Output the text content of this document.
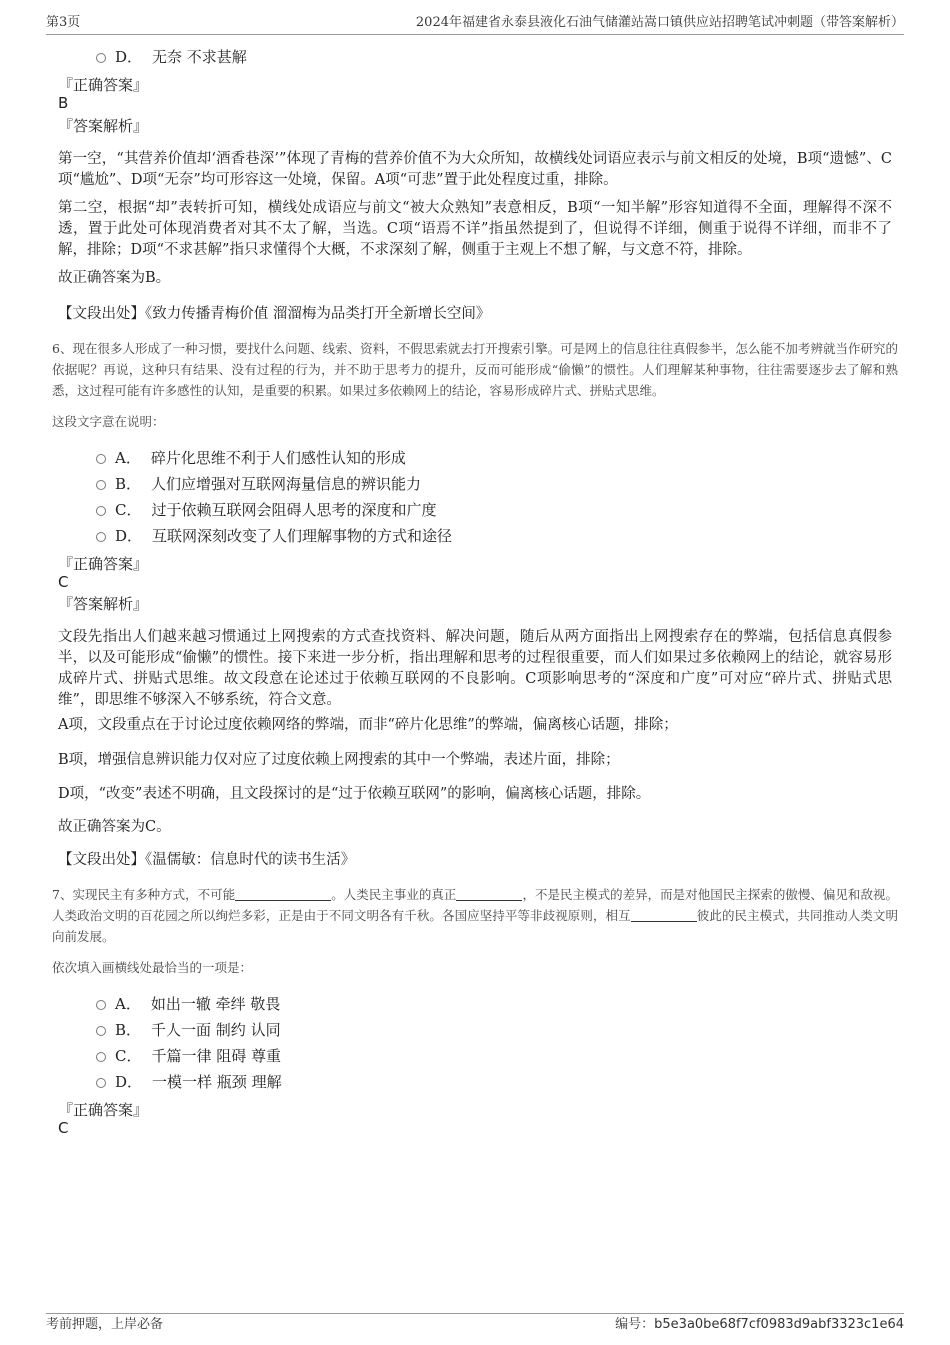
第3页	2024年福建省永泰县液化石油气储灌站嵩口镇供应站招聘笔试冲刺题（带答案解析）
D． 无奈 不求甚解
『正确答案』
B
『答案解析』
第一空，“其营养价值却‘酒香巷深’”体现了青梅的营养价值不为大众所知，故横线处词语应表示与前文相反的处境，B项“遗憾”、C项“尴尬”、D项“无奈”均可形容这一处境，保留。A项“可悲”置于此处程度过重，排除。
第二空，根据“却”表转折可知，横线处成语应与前文“被大众熟知”表意相反，B项“一知半解”形容知道得不全面，理解得不深不透，置于此处可体现消费者对其不太了解，当选。C项“语焉不详”指虽然提到了，但说得不详细，侧重于说得不详细，而非不了解，排除；D项“不求甚解”指只求懂得个大概，不求深刻了解，侧重于主观上不想了解，与文意不符，排除。
故正确答案为B。
【文段出处】《致力传播青梅价值 溜溜梅为品类打开全新增长空间》
6、现在很多人形成了一种习惯，要找什么问题、线索、资料，不假思索就去打开搜索引擎。可是网上的信息往往真假参半，怎么能不加考辨就当作研究的依据呢？再说，这种只有结果、没有过程的行为，并不助于思考力的提升，反而可能形成“偷懒”的惯性。人们理解某种事物，往往需要逐步去了解和熟悉，这过程可能有许多感性的认知，是重要的积累。如果过多依赖网上的结论，容易形成碎片式、拼贴式思维。
这段文字意在说明：
A． 碎片化思维不利于人们感性认知的形成
B． 人们应增强对互联网海量信息的辨识能力
C． 过于依赖互联网会阻碍人思考的深度和广度
D． 互联网深刻改变了人们理解事物的方式和途径
『正确答案』
C
『答案解析』
文段先指出人们越来越习惯通过上网搜索的方式查找资料、解决问题，随后从两方面指出上网搜索存在的弊端，包括信息真假参半，以及可能形成“偷懒”的惯性。接下来进一步分析，指出理解和思考的过程很重要，而人们如果过多依赖网上的结论，就容易形成碎片式、拼贴式思维。故文段意在论述过于依赖互联网的不良影响。C项影响思考的“深度和广度”可对应“碎片式、拼贴式思维”，即思维不够深入不够系统，符合文意。
A项，文段重点在于讨论过度依赖网络的弊端，而非“碎片化思维”的弊端，偏离核心话题，排除；
B项，增强信息辨识能力仅对应了过度依赖上网搜索的其中一个弊端，表述片面，排除；
D项，“改变”表述不明确，且文段探讨的是“过于依赖互联网”的影响，偏离核心话题，排除。
故正确答案为C。
【文段出处】《温儒敏：信息时代的读书生活》
7、实现民主有多种方式，不可能	。人类民主事业的真正	，不是民主模式的差异，而是对他国民主探索的傲慢、偏见和敌视。人类政治文明的百花园之所以绚烂多彩，正是由于不同文明各有千秋。各国应坚持平等非歧视原则，相互	彼此的民主模式，共同推动人类文明向前发展。
依次填入画横线处最恰当的一项是：
A． 如出一辙 牵绊 敬畏
B． 千人一面 制约 认同
C． 千篇一律 阻碍 尊重
D． 一模一样 瓶颈 理解
『正确答案』
C
考前押题，上岸必备	编号：b5e3a0be68f7cf0983d9abf3323c1e64
